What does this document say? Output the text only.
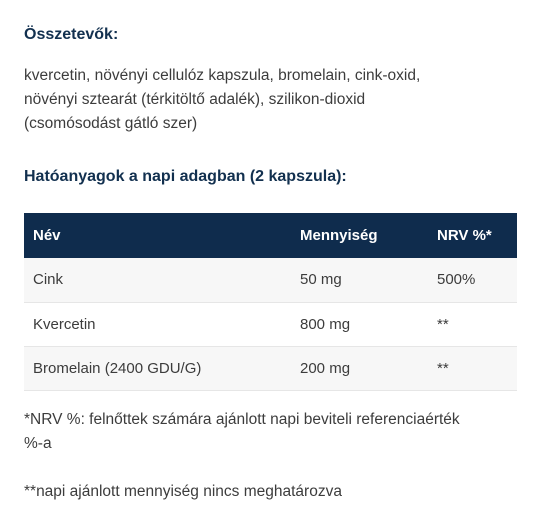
Összetevők:

kvercetin, növényi cellulóz kapszula, bromelain, cink-oxid,
növényi sztearát (térkitöltő adalék), szilikon-dioxid
(csomósodást gátló szer)

Hatóanyagok a napi adagban (2 kapszula):
Név	Mennyiség	NRV %*
Cink	50 mg	500%
Kvercetin	800 mg	**
Bromelain (2400 GDU/G)	200 mg	**

*NRV %: felnőttek számára ajánlott napi beviteli referenciaérték
%-a

**napi ajánlott mennyiség nincs meghatározva
